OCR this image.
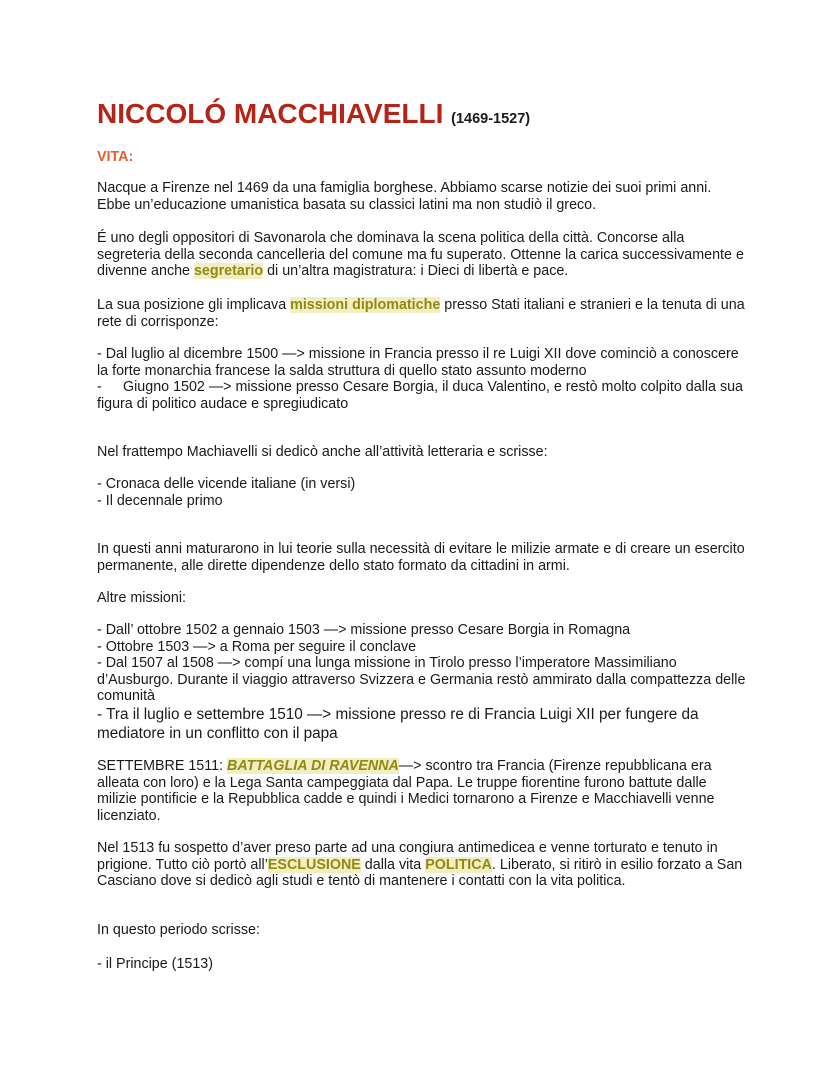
NICCOLÓ MACCHIAVELLI (1469-1527)
VITA:

Nacque a Firenze nel 1469 da una famiglia borghese. Abbiamo scarse notizie dei suoi primi anni. Ebbe un’educazione umanistica basata su classici latini ma non studiò il greco.

É uno degli oppositori di Savonarola che dominava la scena politica della città. Concorse alla segreteria della seconda cancelleria del comune ma fu superato. Ottenne la carica successivamente e divenne anche segretario di un’altra magistratura: i Dieci di libertà e pace.

La sua posizione gli implicava missioni diplomatiche presso Stati italiani e stranieri e la tenuta di una rete di corrisponze:

- Dal luglio al dicembre 1500 —> missione in Francia presso il re Luigi XII dove cominciò a conoscere la forte monarchia francese la salda struttura di quello stato assunto moderno
- Giugno 1502 —> missione presso Cesare Borgia, il duca Valentino, e restò molto colpito dalla sua figura di politico audace e spregiudicato

Nel frattempo Machiavelli si dedicò anche all’attività letteraria e scrisse:

- Cronaca delle vicende italiane (in versi)
- Il decennale primo

In questi anni maturarono in lui teorie sulla necessità di evitare le milizie armate e di creare un esercito permanente, alle dirette dipendenze dello stato formato da cittadini in armi.

Altre missioni:

- Dall’ ottobre 1502 a gennaio 1503 —> missione presso Cesare Borgia in Romagna
- Ottobre 1503 —> a Roma per seguire il conclave
- Dal 1507 al 1508 —> compí una lunga missione in Tirolo presso l’imperatore Massimiliano d’Ausburgo. Durante il viaggio attraverso Svizzera e Germania restò ammirato dalla compattezza delle comunità
- Tra il luglio e settembre 1510 —> missione presso re di Francia Luigi XII per fungere da mediatore in un conflitto con il papa

SETTEMBRE 1511: BATTAGLIA DI RAVENNA—> scontro tra Francia (Firenze repubblicana era alleata con loro) e la Lega Santa campeggiata dal Papa. Le truppe fiorentine furono battute dalle milizie pontificie e la Repubblica cadde e quindi i Medici tornarono a Firenze e Macchiavelli venne licenziato.

Nel 1513 fu sospetto d’aver preso parte ad una congiura antimedicea e venne torturato e tenuto in prigione. Tutto ciò portò all’ESCLUSIONE dalla vita POLITICA. Liberato, si ritirò in esilio forzato a San Casciano dove si dedicò agli studi e tentò di mantenere i contatti con la vita politica.

In questo periodo scrisse:

- il Principe (1513)
